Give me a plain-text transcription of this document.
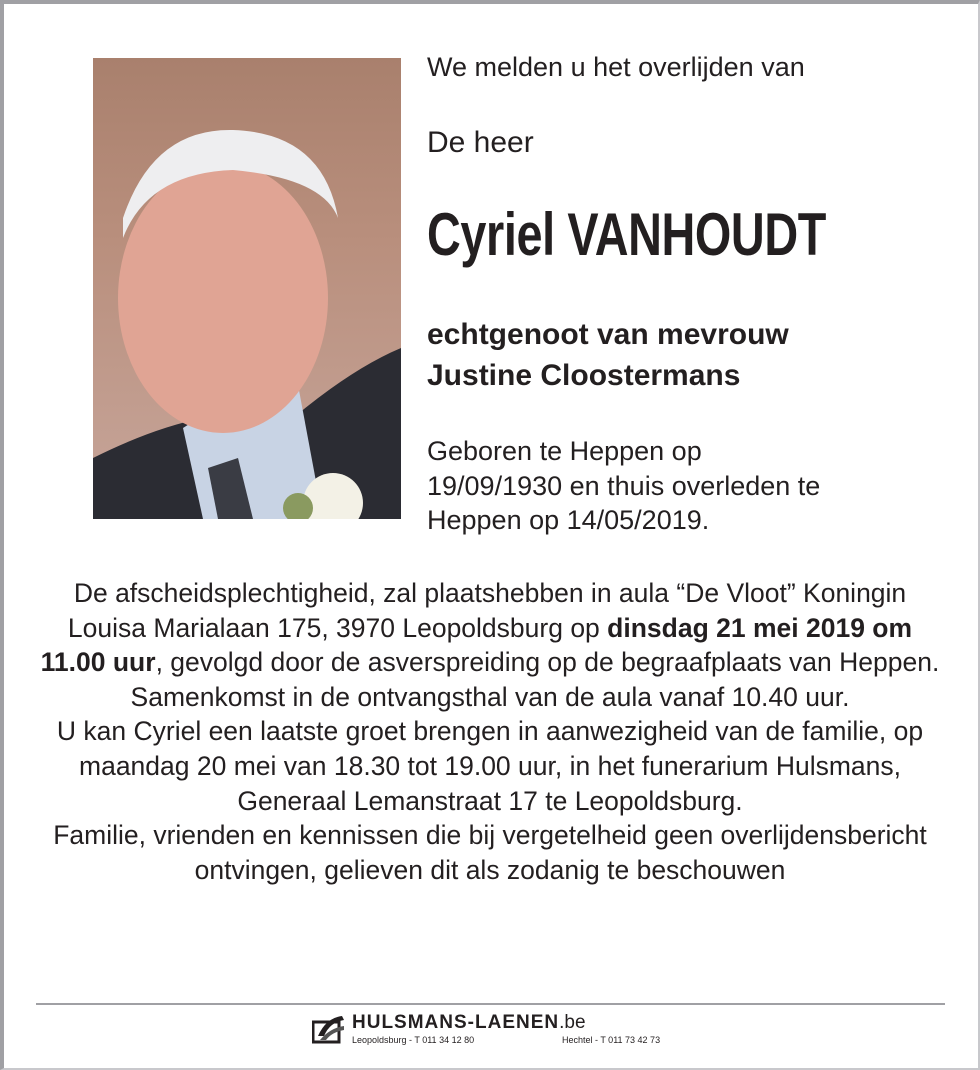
We melden u het overlijden van
De heer
Cyriel VANHOUDT
echtgenoot van mevrouw
Justine Cloostermans
Geboren te Heppen op
19/09/1930 en thuis overleden te
Heppen op 14/05/2019.

De afscheidsplechtigheid, zal plaatshebben in aula “De Vloot” Koningin Louisa Marialaan 175, 3970 Leopoldsburg op dinsdag 21 mei 2019 om 11.00 uur, gevolgd door de asverspreiding op de begraafplaats van Heppen.

Samenkomst in de ontvangsthal van de aula vanaf 10.40 uur.

U kan Cyriel een laatste groet brengen in aanwezigheid van de familie, op maandag 20 mei van 18.30 tot 19.00 uur, in het funerarium Hulsmans, Generaal Lemanstraat 17 te Leopoldsburg.

Familie, vrienden en kennissen die bij vergetelheid geen overlijdensbericht ontvingen, gelieven dit als zodanig te beschouwen

HULSMANS-LAENEN.be
Leopoldsburg - T 011 34 12 80	Hechtel - T 011 73 42 73
